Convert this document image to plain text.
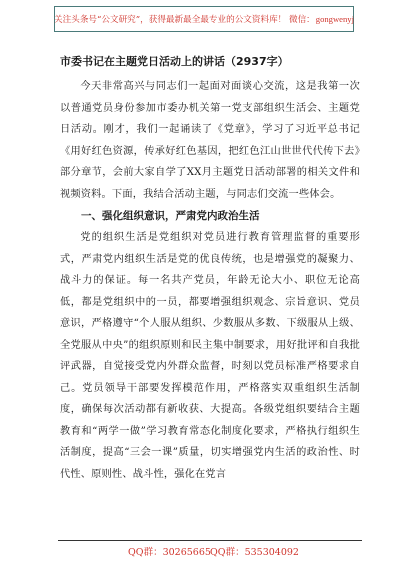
关注头条号“公文研究”，获得最新最全最专业的公文资料库！ 微信：gongwenyj
市委书记在主题党日活动上的讲话（2937字）

今天非常高兴与同志们一起面对面谈心交流，这是我第一次以普通党员身份参加市委办机关第一党支部组织生活会、主题党日活动。刚才，我们一起诵读了《党章》，学习了习近平总书记《用好红色资源，传承好红色基因，把红色江山世世代代传下去》部分章节，会前大家自学了XX月主题党日活动部署的相关文件和视频资料。下面，我结合活动主题，与同志们交流一些体会。

一、强化组织意识，严肃党内政治生活

党的组织生活是党组织对党员进行教育管理监督的重要形式，严肃党内组织生活是党的优良传统，也是增强党的凝聚力、战斗力的保证。每一名共产党员，年龄无论大小、职位无论高低，都是党组织中的一员，都要增强组织观念、宗旨意识、党员意识，严格遵守“个人服从组织、少数服从多数、下级服从上级、全党服从中央”的组织原则和民主集中制要求，用好批评和自我批评武器，自觉接受党内外群众监督，时刻以党员标准严格要求自己。党员领导干部要发挥模范作用，严格落实双重组织生活制度，确保每次活动都有新收获、大提高。各级党组织要结合主题教育和“两学一做”学习教育常态化制度化要求，严格执行组织生活制度，提高“三会一课”质量，切实增强党内生活的政治性、时代性、原则性、战斗性，强化在党言

QQ群：30265665 QQ群：535304092
